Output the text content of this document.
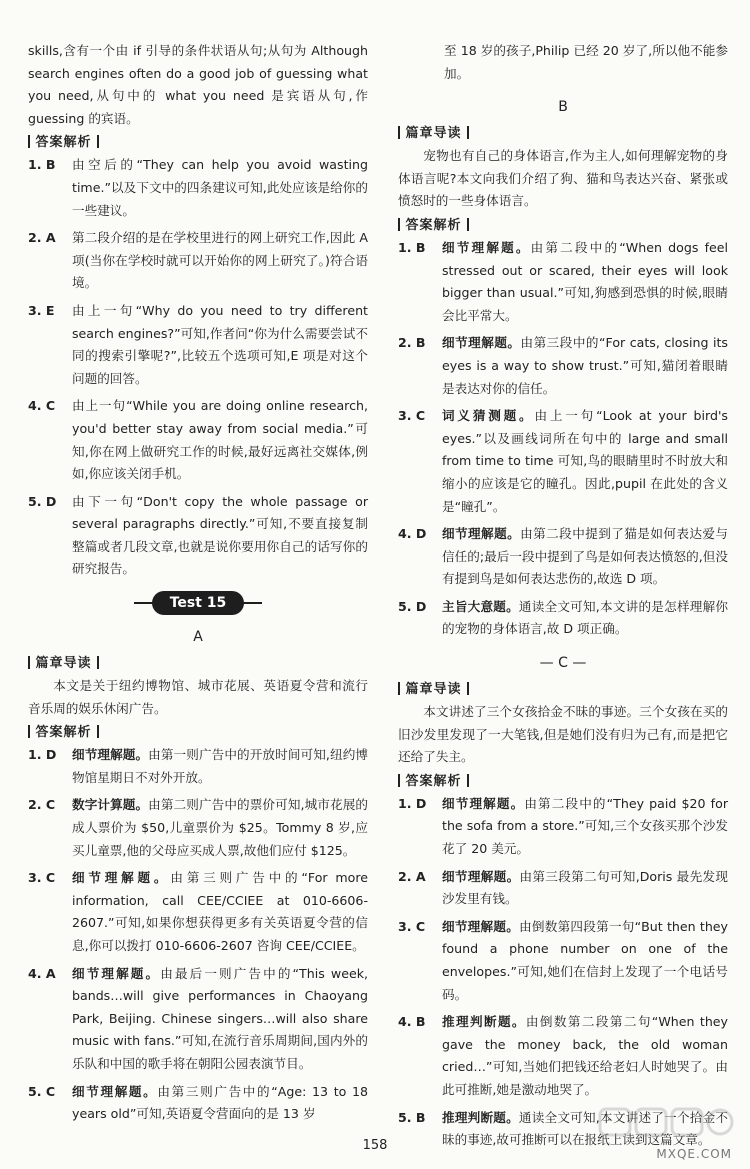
skills,含有一个由 if 引导的条件状语从句;从句为 Although search engines often do a good job of guessing what you need,从句中的 what you need 是宾语从句,作 guessing 的宾语。

答案解析
1. B	由空后的“They can help you avoid wasting time.”以及下文中的四条建议可知,此处应该是给你的一些建议。
2. A	第二段介绍的是在学校里进行的网上研究工作,因此 A 项(当你在学校时就可以开始你的网上研究了。)符合语境。
3. E	由上一句“Why do you need to try different search engines?”可知,作者问“你为什么需要尝试不同的搜索引擎呢?”,比较五个选项可知,E 项是对这个问题的回答。
4. C	由上一句“While you are doing online research, you'd better stay away from social media.”可知,你在网上做研究工作的时候,最好远离社交媒体,例如,你应该关闭手机。
5. D	由下一句“Don't copy the whole passage or several paragraphs directly.”可知,不要直接复制整篇或者几段文章,也就是说你要用你自己的话写你的研究报告。
Test 15
A
篇章导读

本文是关于纽约博物馆、城市花展、英语夏令营和流行音乐周的娱乐休闲广告。

答案解析
1. D	细节理解题。由第一则广告中的开放时间可知,纽约博物馆星期日不对外开放。
2. C	数字计算题。由第二则广告中的票价可知,城市花展的成人票价为 $50,儿童票价为 $25。Tommy 8 岁,应买儿童票,他的父母应买成人票,故他们应付 $125。
3. C	细节理解题。由第三则广告中的“For more information, call CEE/CCIEE at 010-6606-2607.”可知,如果你想获得更多有关英语夏令营的信息,你可以拨打 010-6606-2607 咨询 CEE/CCIEE。
4. A	细节理解题。由最后一则广告中的“This week, bands…will give performances in Chaoyang Park, Beijing. Chinese singers…will also share music with fans.”可知,在流行音乐周期间,国内外的乐队和中国的歌手将在朝阳公园表演节目。
5. C	细节理解题。由第三则广告中的“Age: 13 to 18 years old”可知,英语夏令营面向的是 13 岁

至 18 岁的孩子,Philip 已经 20 岁了,所以他不能参加。

B
篇章导读

宠物也有自己的身体语言,作为主人,如何理解宠物的身体语言呢?本文向我们介绍了狗、猫和鸟表达兴奋、紧张或愤怒时的一些身体语言。

答案解析
1. B	细节理解题。由第二段中的“When dogs feel stressed out or scared, their eyes will look bigger than usual.”可知,狗感到恐惧的时候,眼睛会比平常大。
2. B	细节理解题。由第三段中的“For cats, closing its eyes is a way to show trust.”可知,猫闭着眼睛是表达对你的信任。
3. C	词义猜测题。由上一句“Look at your bird's eyes.”以及画线词所在句中的 large and small from time to time 可知,鸟的眼睛里时不时放大和缩小的应该是它的瞳孔。因此,pupil 在此处的含义是“瞳孔”。
4. D	细节理解题。由第二段中提到了猫是如何表达爱与信任的;最后一段中提到了鸟是如何表达愤怒的,但没有提到鸟是如何表达悲伤的,故选 D 项。
5. D	主旨大意题。通读全文可知,本文讲的是怎样理解你的宠物的身体语言,故 D 项正确。
— C —
篇章导读

本文讲述了三个女孩拾金不昧的事迹。三个女孩在买的旧沙发里发现了一大笔钱,但是她们没有归为己有,而是把它还给了失主。

答案解析
1. D	细节理解题。由第二段中的“They paid $20 for the sofa from a store.”可知,三个女孩买那个沙发花了 20 美元。
2. A	细节理解题。由第三段第二句可知,Doris 最先发现沙发里有钱。
3. C	细节理解题。由倒数第四段第一句“But then they found a phone number on one of the envelopes.”可知,她们在信封上发现了一个电话号码。
4. B	推理判断题。由倒数第二段第二句“When they gave the money back, the old woman cried…”可知,当她们把钱还给老妇人时她哭了。由此可推断,她是激动地哭了。
5. B	推理判断题。通读全文可知,本文讲述了一个拾金不昧的事迹,故可推断可以在报纸上读到这篇文章。
158
MXQE.COM
